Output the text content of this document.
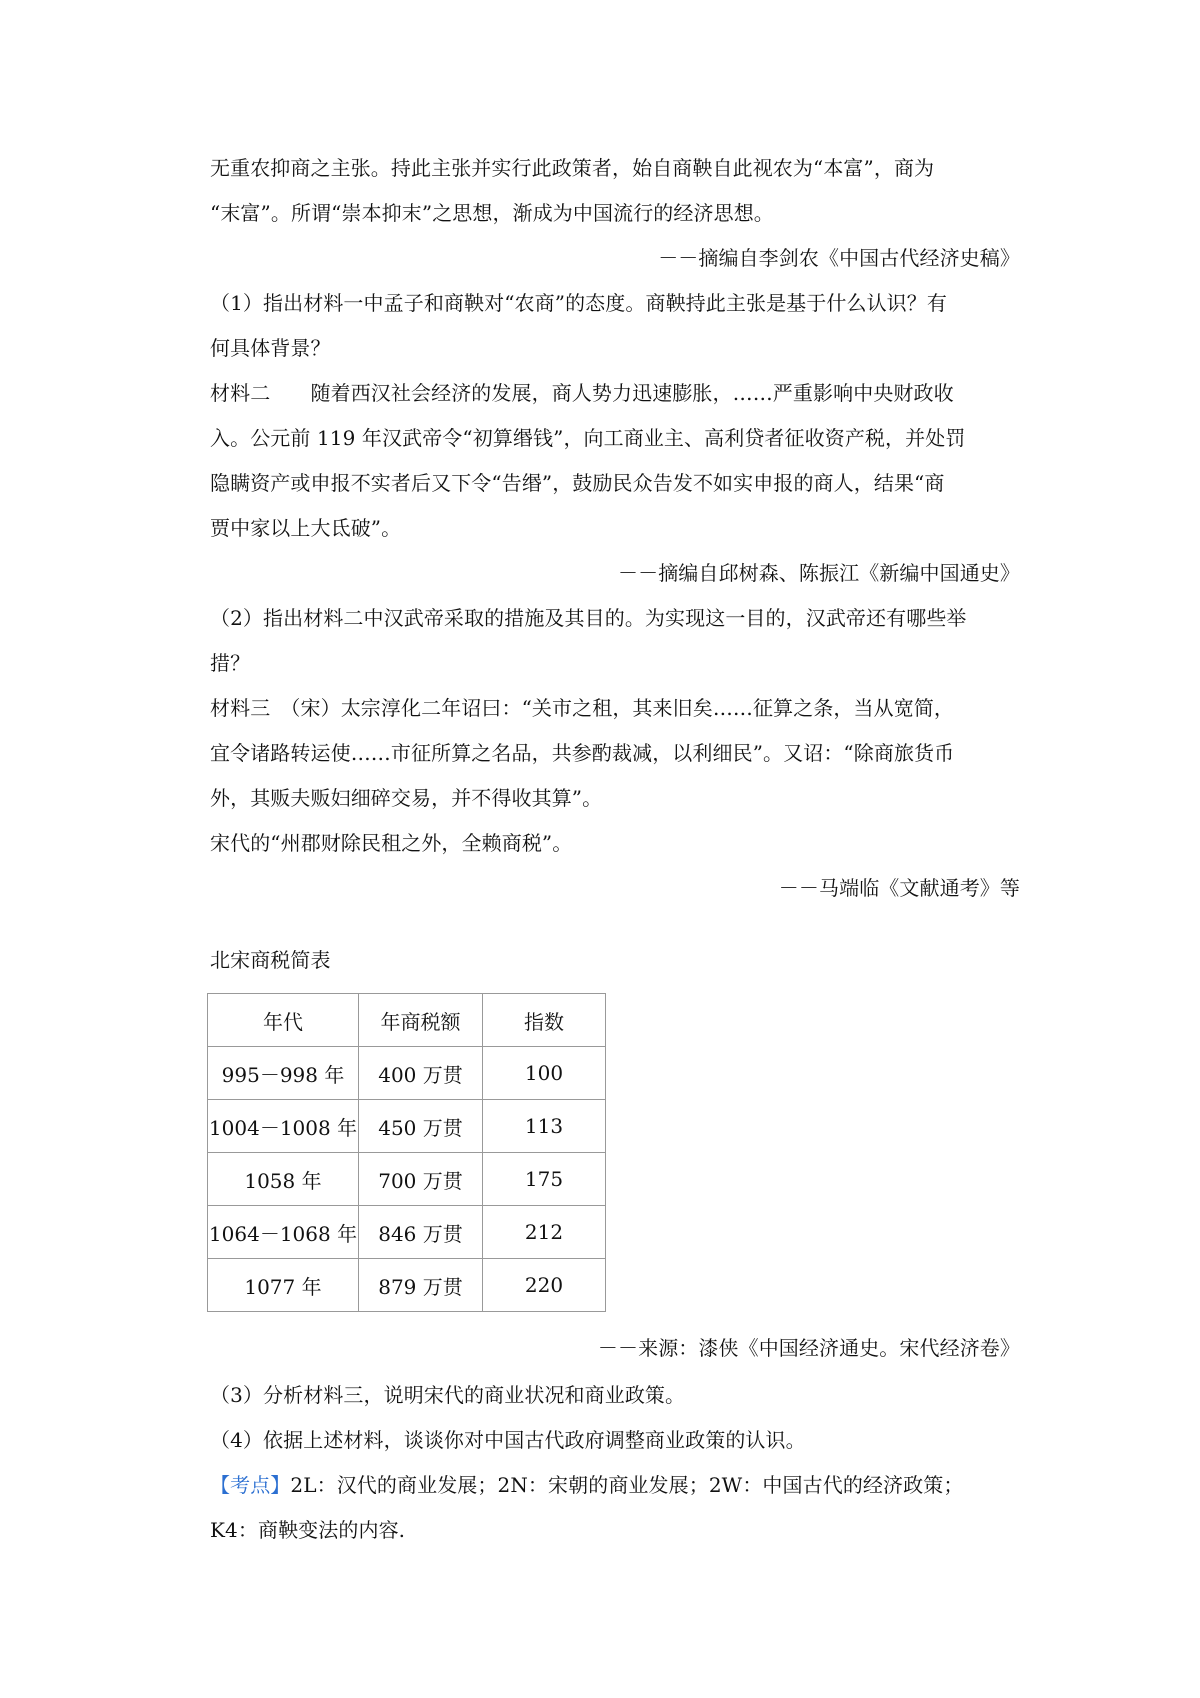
无重农抑商之主张。持此主张并实行此政策者，始自商鞅自此视农为“本富”，商为
“末富”。所谓“崇本抑末”之思想，渐成为中国流行的经济思想。
－－摘编自李剑农《中国古代经济史稿》
（1）指出材料一中孟子和商鞅对“农商”的态度。商鞅持此主张是基于什么认识？有
何具体背景？
材料二　　随着西汉社会经济的发展，商人势力迅速膨胀，……严重影响中央财政收
入。公元前 119 年汉武帝令“初算缗钱”，向工商业主、高利贷者征收资产税，并处罚
隐瞒资产或申报不实者后又下令“告缗”，鼓励民众告发不如实申报的商人，结果“商
贾中家以上大氐破”。
－－摘编自邱树森、陈振江《新编中国通史》
（2）指出材料二中汉武帝采取的措施及其目的。为实现这一目的，汉武帝还有哪些举
措？
材料三　（宋）太宗淳化二年诏曰：“关市之租，其来旧矣……征算之条，当从宽简，
宜令诸路转运使……市征所算之名品，共参酌裁减，以利细民”。又诏：“除商旅货币
外，其贩夫贩妇细碎交易，并不得收其算”。
宋代的“州郡财除民租之外，全赖商税”。
－－马端临《文献通考》等
北宋商税简表
年代	年商税额	指数
995－998 年	400 万贯	100
1004－1008 年	450 万贯	113
1058 年	700 万贯	175
1064－1068 年	846 万贯	212
1077 年	879 万贯	220
－－来源：漆侠《中国经济通史。宋代经济卷》
（3）分析材料三，说明宋代的商业状况和商业政策。
（4）依据上述材料，谈谈你对中国古代政府调整商业政策的认识。
【考点】2L：汉代的商业发展；2N：宋朝的商业发展；2W：中国古代的经济政策；
K4：商鞅变法的内容.
